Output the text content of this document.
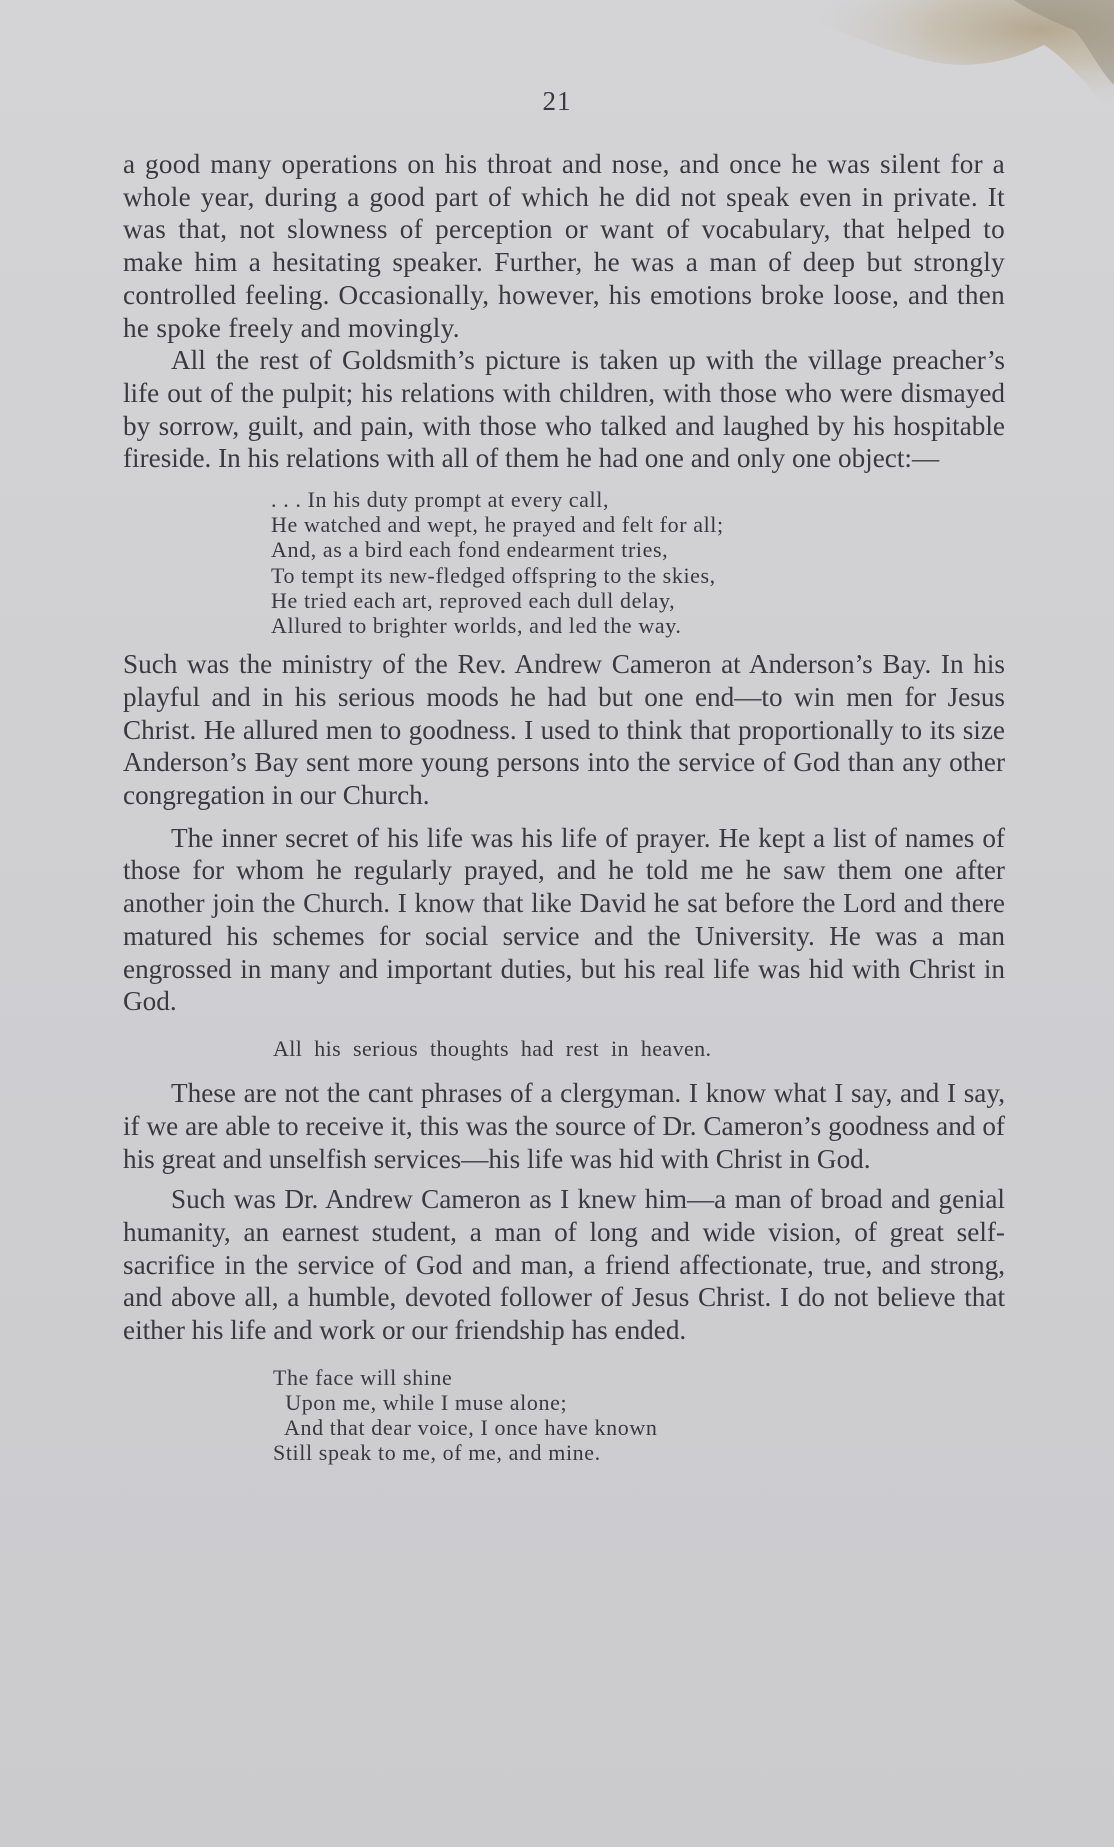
21

a good many operations on his throat and nose, and once he was silent for a whole year, during a good part of which he did not speak even in private. It was that, not slowness of perception or want of vocabulary, that helped to make him a hesitating speaker. Further, he was a man of deep but strongly controlled feeling. Occasionally, however, his emotions broke loose, and then he spoke freely and movingly.

All the rest of Goldsmith’s picture is taken up with the village preacher’s life out of the pulpit; his relations with children, with those who were dismayed by sorrow, guilt, and pain, with those who talked and laughed by his hospitable fireside. In his relations with all of them he had one and only one object:—

. . . In his duty prompt at every call,
He watched and wept, he prayed and felt for all;
And, as a bird each fond endearment tries,
To tempt its new-fledged offspring to the skies,
He tried each art, reproved each dull delay,
Allured to brighter worlds, and led the way.

Such was the ministry of the Rev. Andrew Cameron at Anderson’s Bay. In his playful and in his serious moods he had but one end—to win men for Jesus Christ. He allured men to goodness. I used to think that proportionally to its size Anderson’s Bay sent more young persons into the service of God than any other congregation in our Church.

The inner secret of his life was his life of prayer. He kept a list of names of those for whom he regularly prayed, and he told me he saw them one after another join the Church. I know that like David he sat before the Lord and there matured his schemes for social service and the University. He was a man engrossed in many and important duties, but his real life was hid with Christ in God.

All his serious thoughts had rest in heaven.

These are not the cant phrases of a clergyman. I know what I say, and I say, if we are able to receive it, this was the source of Dr. Cameron’s goodness and of his great and unselfish services—his life was hid with Christ in God.

Such was Dr. Andrew Cameron as I knew him—a man of broad and genial humanity, an earnest student, a man of long and wide vision, of great self-sacrifice in the service of God and man, a friend affectionate, true, and strong, and above all, a humble, devoted follower of Jesus Christ. I do not believe that either his life and work or our friendship has ended.

The face will shine
Upon me, while I muse alone;
And that dear voice, I once have known
Still speak to me, of me, and mine.
